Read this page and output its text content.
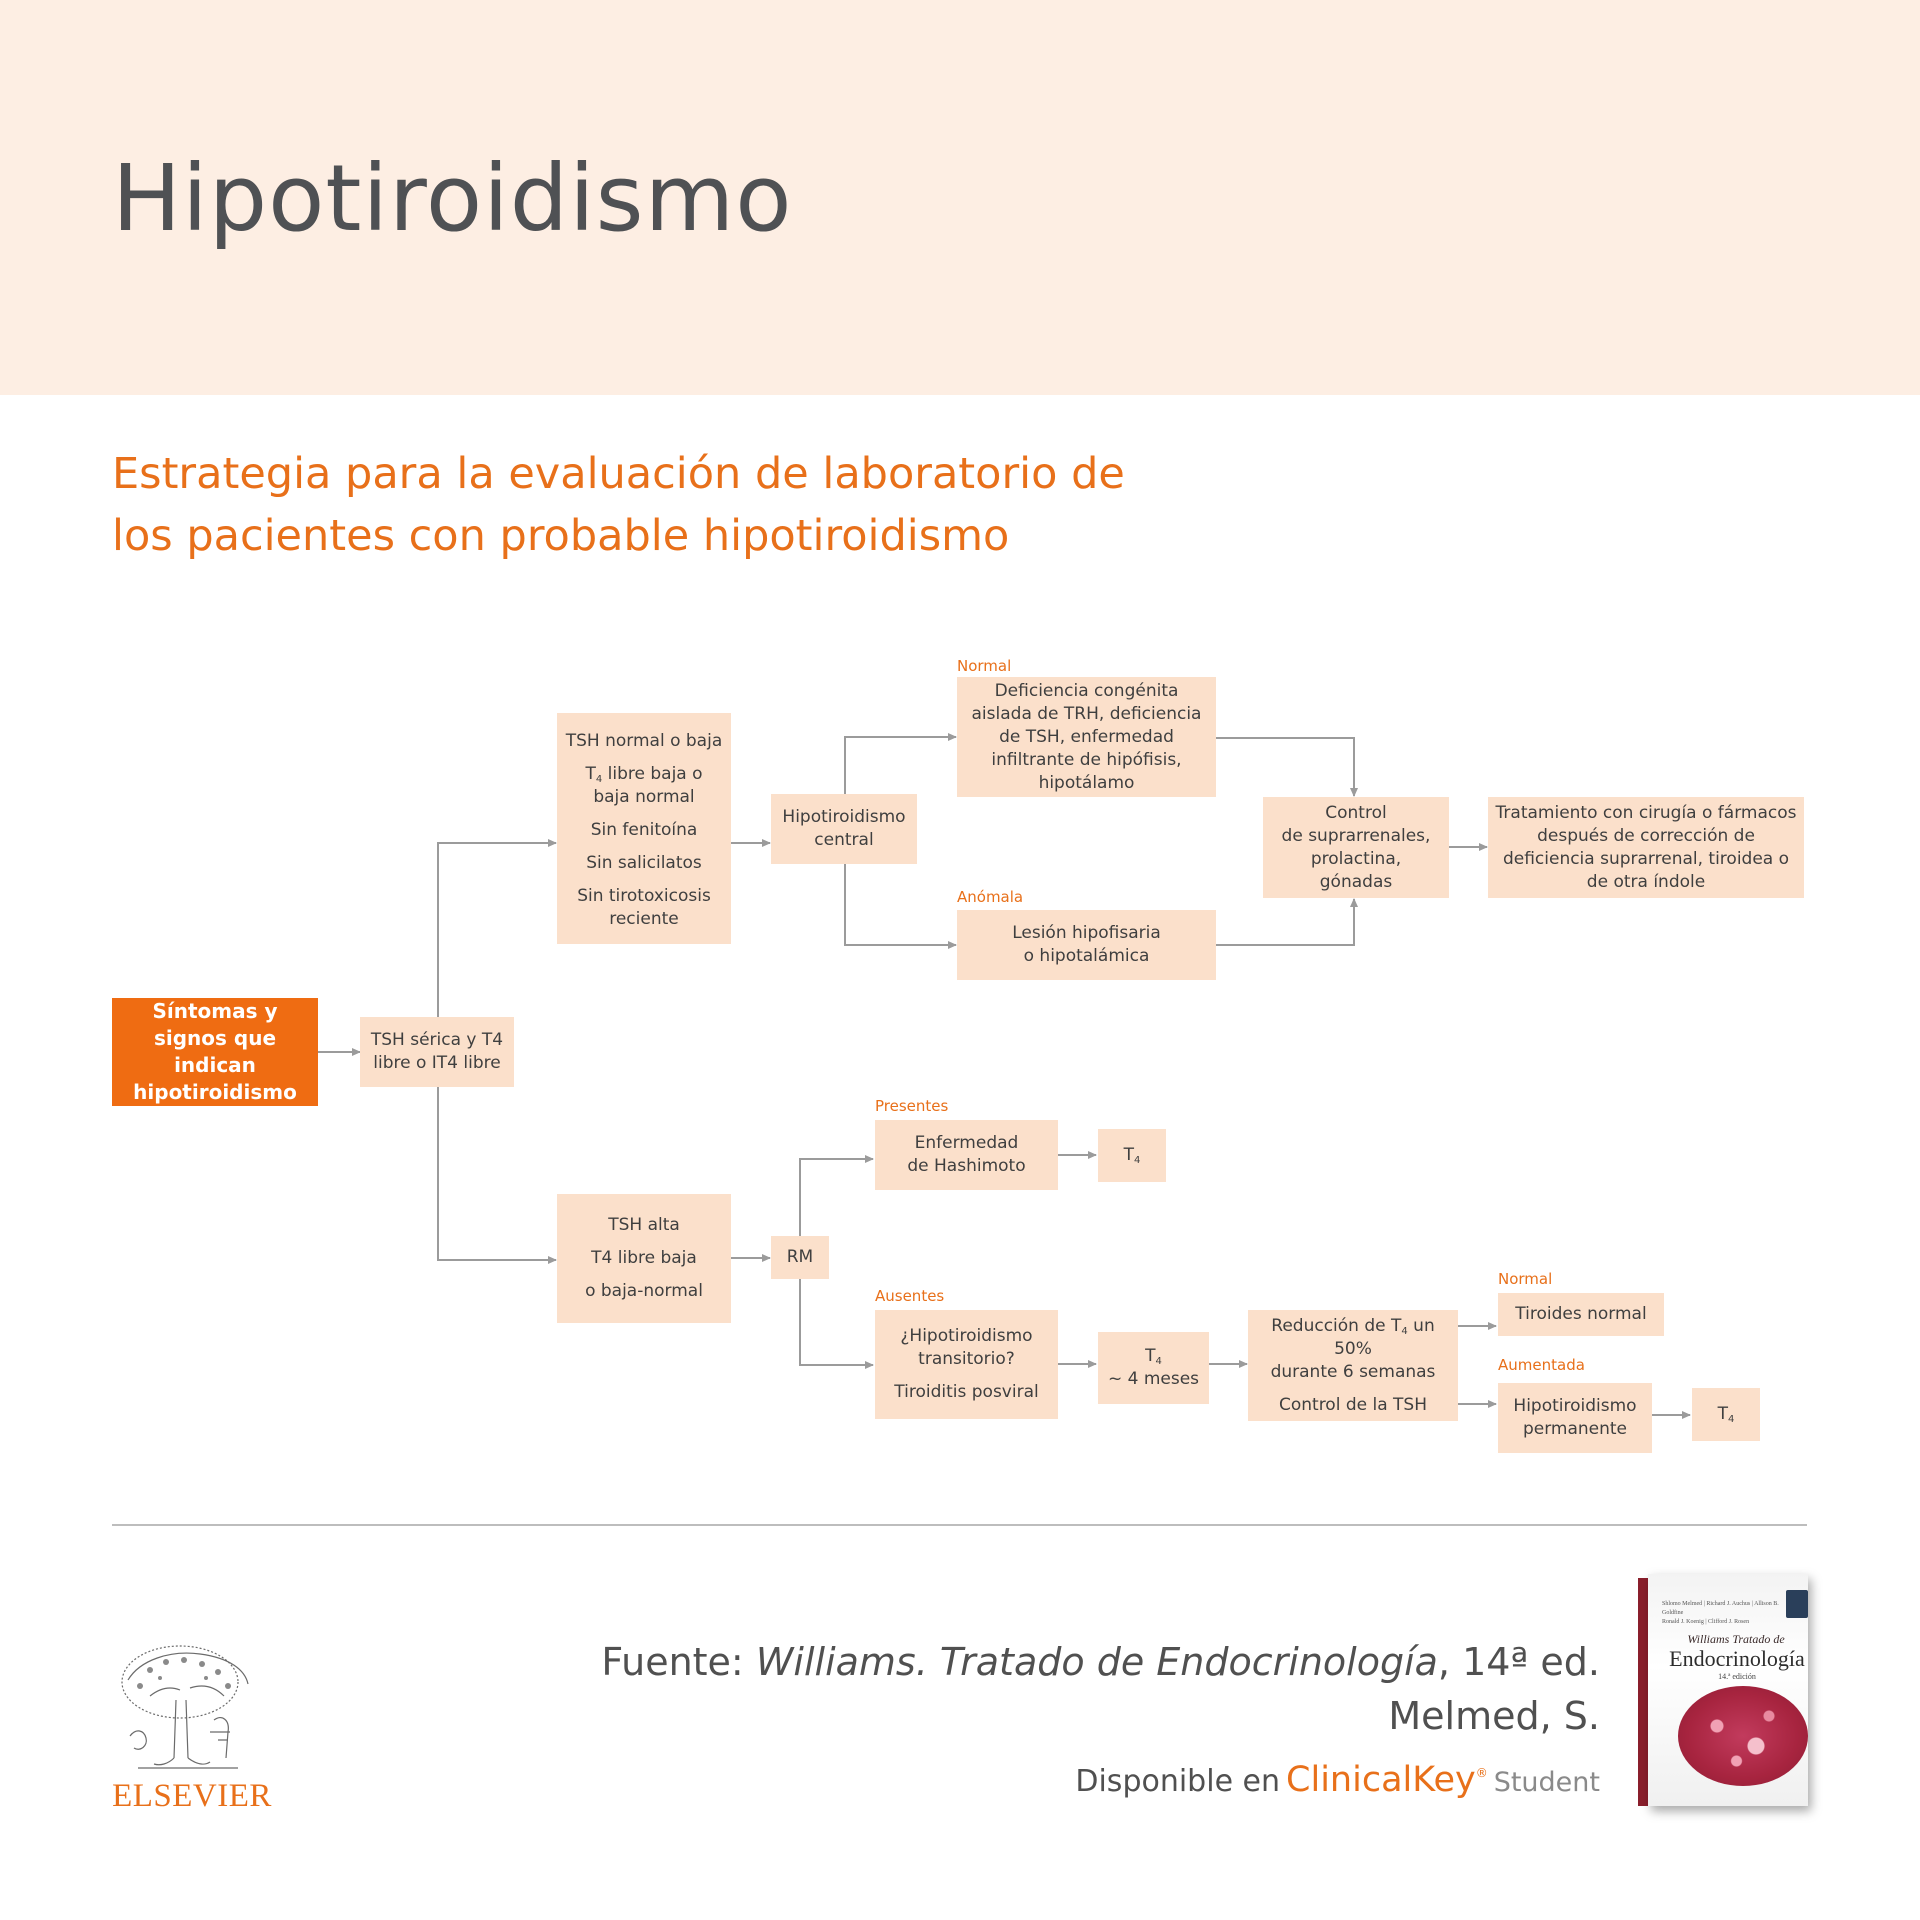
Hipotiroidismo
Estrategia para la evaluación de laboratorio de
los pacientes con probable hipotiroidismo
Síntomas y signos que indican hipotiroidismo
TSH sérica y T4 libre o IT4 libre
TSH normal o baja
$T_4$ libre baja o
baja normal
Sin fenitoína
Sin salicilatos
Sin tirotoxicosis reciente
Hipotiroidismo central
Normal
Deficiencia congénita aislada de TRH, deficiencia de TSH, enfermedad infiltrante de hipófisis, hipotálamo
Anómala
Lesión hipofisaria o hipotalámica
Control
de suprarrenales, prolactina, gónadas
Tratamiento con cirugía o fármacos después de corrección de deficiencia suprarrenal, tiroidea o de otra índole
TSH alta
T4 libre baja
o baja-normal
RM
Presentes
Enfermedad de Hashimoto
$T_4$
Ausentes
¿Hipotiroidismo transitorio?
Tiroiditis posviral
$T_4$
~ 4 meses
Reducción de $T_4$ un 50%
durante 6 semanas
Control de la TSH
Normal
Tiroides normal
Aumentada
Hipotiroidismo permanente
$T_4$
ELSEVIER
Fuente: Williams. Tratado de Endocrinología, 14ª ed.
Melmed, S.
Disponible en ClinicalKey® Student
Shlomo Melmed | Richard J. Auchus | Allison B. Goldfine
Ronald J. Koenig | Clifford J. Rosen
Williams Tratado de
Endocrinología
14.ª edición
